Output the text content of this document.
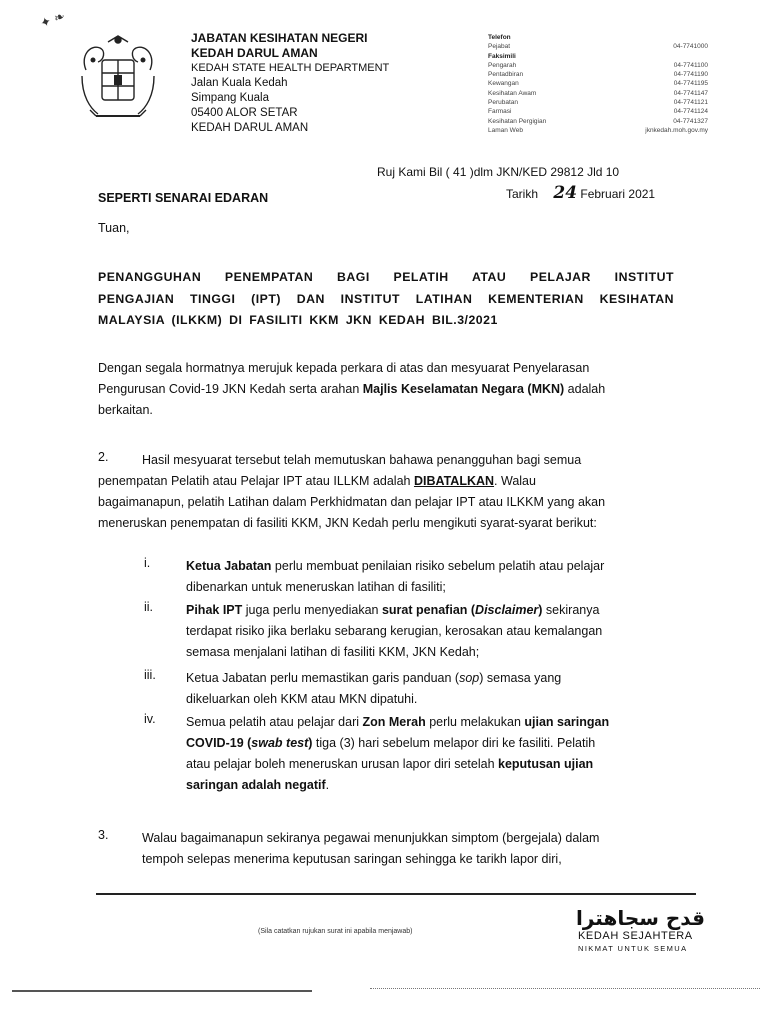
✦ ❧
JABATAN KESIHATAN NEGERI
KEDAH DARUL AMAN
KEDAH STATE HEALTH DEPARTMENT
Jalan Kuala Kedah
Simpang Kuala
05400 ALOR SETAR
KEDAH DARUL AMAN
Telefon
Pejabat	04-7741000
Faksimili
Pengarah	04-7741100
Pentadbiran	04-7741190
Kewangan	04-7741195
Kesihatan Awam	04-7741147
Perubatan	04-7741121
Farmasi	04-7741124
Kesihatan Pergigian	04-7741327
Laman Web	jknkedah.moh.gov.my
Ruj Kami Bil ( 41 )dlm JKN/KED 29812 Jld 10
Tarikh 24 Februari 2021
SEPERTI SENARAI EDARAN
Tuan,
PENANGGUHAN PENEMPATAN BAGI PELATIH ATAU PELAJAR INSTITUT
PENGAJIAN TINGGI (IPT) DAN INSTITUT LATIHAN KEMENTERIAN KESIHATAN
MALAYSIA (ILKKM) DI FASILITI KKM JKN KEDAH BIL.3/2021
Dengan segala hormatnya merujuk kepada perkara di atas dan mesyuarat Penyelarasan
Pengurusan Covid-19 JKN Kedah serta arahan Majlis Keselamatan Negara (MKN) adalah
berkaitan.
2.	Hasil mesyuarat tersebut telah memutuskan bahawa penangguhan bagi semua
penempatan Pelatih atau Pelajar IPT atau ILLKM adalah DIBATALKAN. Walau
bagaimanapun, pelatih Latihan dalam Perkhidmatan dan pelajar IPT atau ILKKM yang akan
meneruskan penempatan di fasiliti KKM, JKN Kedah perlu mengikuti syarat-syarat berikut:
i.	Ketua Jabatan perlu membuat penilaian risiko sebelum pelatih atau pelajar
dibenarkan untuk meneruskan latihan di fasiliti;
ii.	Pihak IPT juga perlu menyediakan surat penafian (Disclaimer) sekiranya
terdapat risiko jika berlaku sebarang kerugian, kerosakan atau kemalangan
semasa menjalani latihan di fasiliti KKM, JKN Kedah;
iii. Ketua Jabatan perlu memastikan garis panduan (sop) semasa yang
dikeluarkan oleh KKM atau MKN dipatuhi.
iv. Semua pelatih atau pelajar dari Zon Merah perlu melakukan ujian saringan
COVID-19 (swab test) tiga (3) hari sebelum melapor diri ke fasiliti. Pelatih
atau pelajar boleh meneruskan urusan lapor diri setelah keputusan ujian
saringan adalah negatif.
3.	Walau bagaimanapun sekiranya pegawai menunjukkan simptom (bergejala) dalam
tempoh selepas menerima keputusan saringan sehingga ke tarikh lapor diri,
(Sila catatkan rujukan surat ini apabila menjawab)
قدح سجاهترا
KEDAH SEJAHTERA
NIKMAT UNTUK SEMUA
